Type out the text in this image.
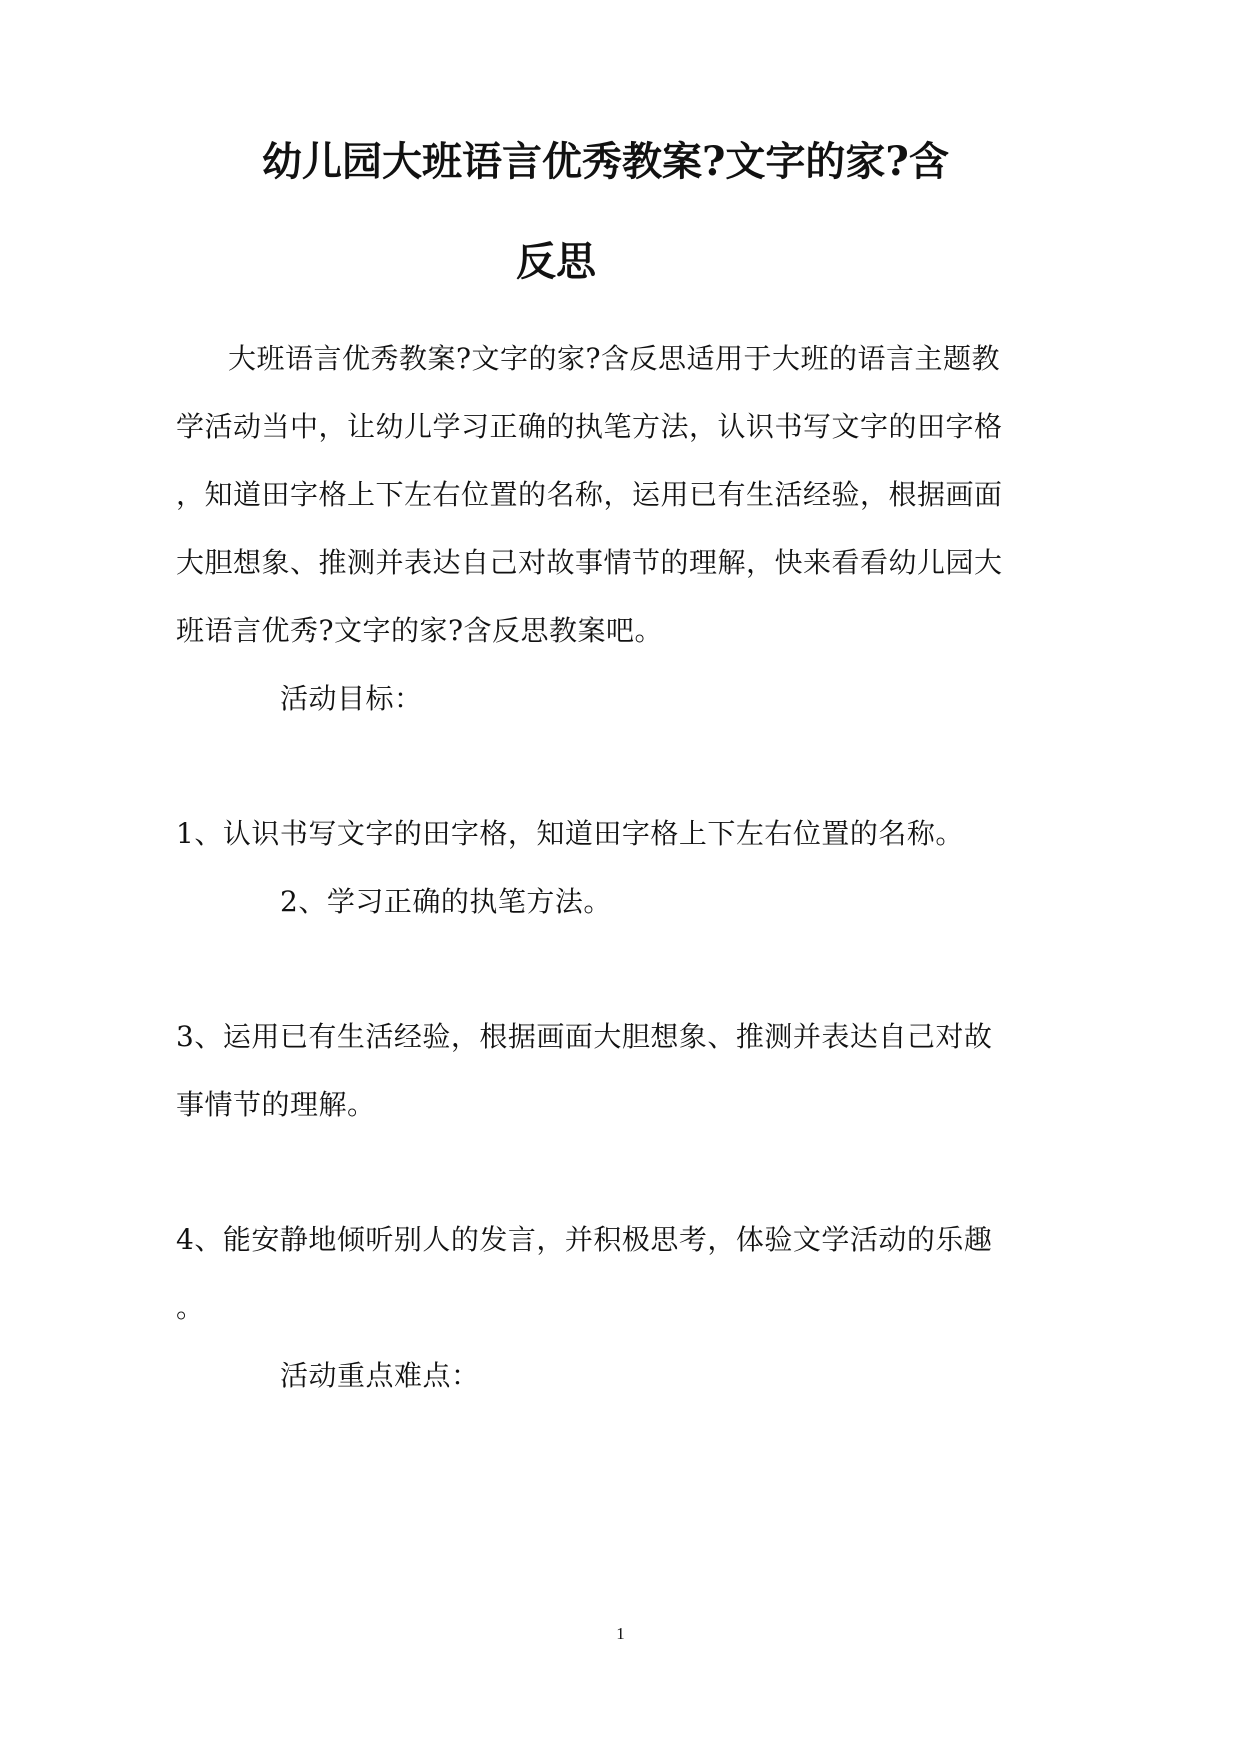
幼儿园大班语言优秀教案?文字的家?含
反思
大班语言优秀教案?文字的家?含反思适用于大班的语言主题教
学活动当中，让幼儿学习正确的执笔方法，认识书写文字的田字格
，知道田字格上下左右位置的名称，运用已有生活经验，根据画面
大胆想象、推测并表达自己对故事情节的理解，快来看看幼儿园大
班语言优秀?文字的家?含反思教案吧。
活动目标：
1、认识书写文字的田字格，知道田字格上下左右位置的名称。
2、学习正确的执笔方法。
3、运用已有生活经验，根据画面大胆想象、推测并表达自己对故
事情节的理解。
4、能安静地倾听别人的发言，并积极思考，体验文学活动的乐趣
。
活动重点难点：
1
